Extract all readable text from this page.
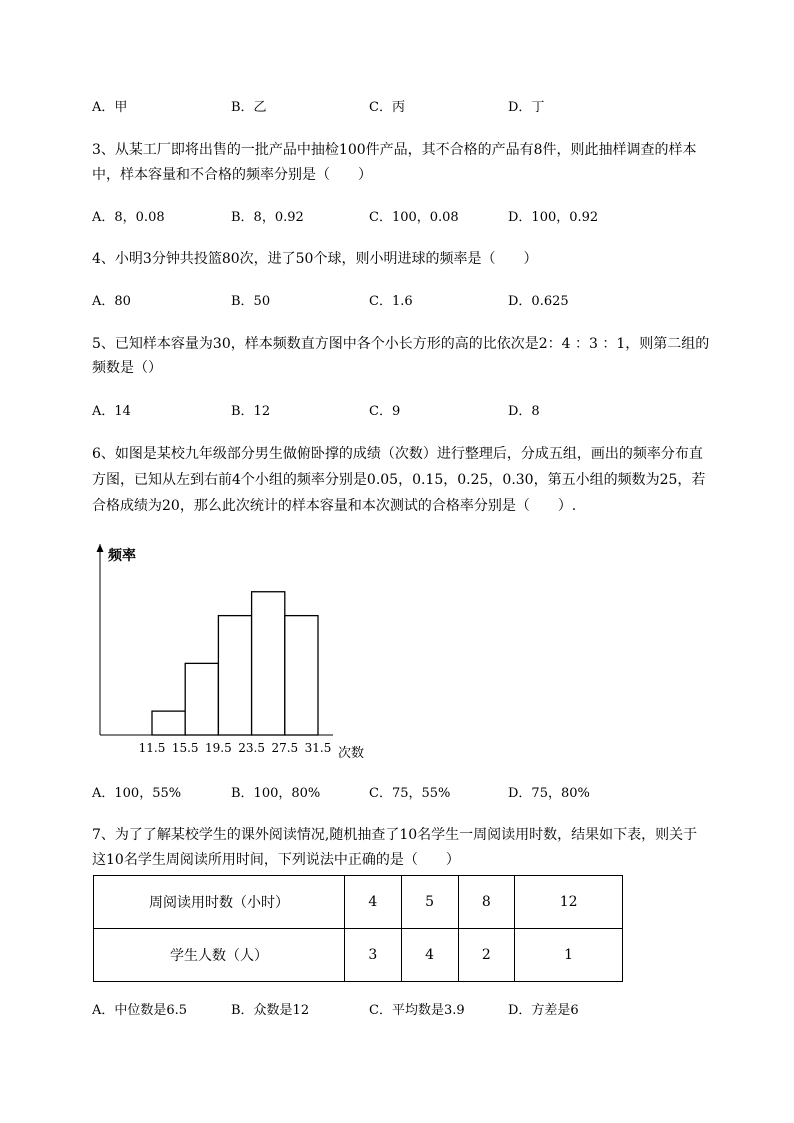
A．甲	B．乙	C．丙	D．丁
3、从某工厂即将出售的一批产品中抽检100件产品，其不合格的产品有8件，则此抽样调查的样本
中，样本容量和不合格的频率分别是（　　）
A．8，0.08	B．8，0.92	C．100，0.08	D．100，0.92
4、小明3分钟共投篮80次，进了50个球，则小明进球的频率是（　　）
A．80	B．50	C．1.6	D．0.625
5、已知样本容量为30，样本频数直方图中各个小长方形的高的比依次是2：4 ：3 ：1，则第二组的
频数是（）
A．14	B．12	C．9	D．8
6、如图是某校九年级部分男生做俯卧撑的成绩（次数）进行整理后，分成五组，画出的频率分布直
方图，已知从左到右前4个小组的频率分别是0.05，0.15，0.25，0.30，第五小组的频数为25，若
合格成绩为20，那么此次统计的样本容量和本次测试的合格率分别是（　　）.
频率
次数
11.5 15.5 19.5 23.5 27.5 31.5
A．100，55%	B．100，80%	C．75，55%	D．75，80%
7、为了了解某校学生的课外阅读情况,随机抽查了10名学生一周阅读用时数，结果如下表，则关于
这10名学生周阅读所用时间，下列说法中正确的是（　　）
周阅读用时数（小时）	4	5	8	12
学生人数（人）	3	4	2	1
A．中位数是6.5	B．众数是12	C．平均数是3.9	D．方差是6
